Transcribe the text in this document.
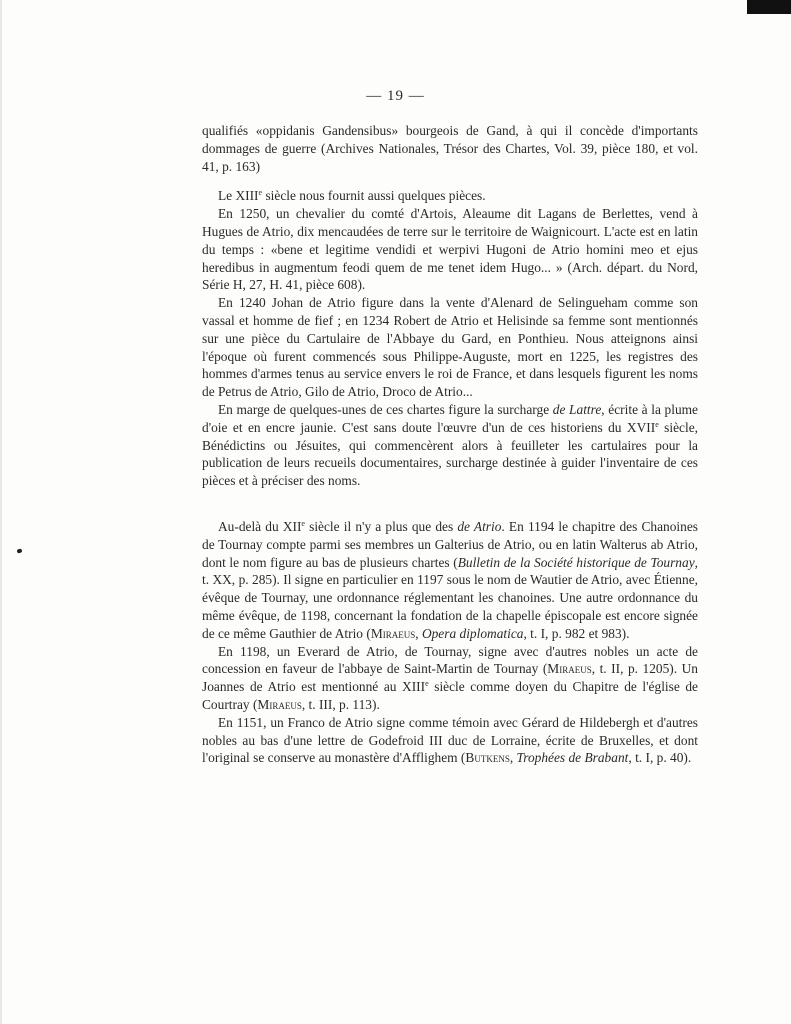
— 19 —

qualifiés «oppidanis Gandensibus» bourgeois de Gand, à qui il concède d'importants dommages de guerre (Archives Nationales, Trésor des Chartes, Vol. 39, pièce 180, et vol. 41, p. 163)

Le XIIIe siècle nous fournit aussi quelques pièces.

En 1250, un chevalier du comté d'Artois, Aleaume dit Lagans de Berlettes, vend à Hugues de Atrio, dix mencaudées de terre sur le territoire de Waignicourt. L'acte est en latin du temps : «bene et legitime vendidi et werpivi Hugoni de Atrio homini meo et ejus heredibus in augmentum feodi quem de me tenet idem Hugo... » (Arch. départ. du Nord, Série H, 27, H. 41, pièce 608).

En 1240 Johan de Atrio figure dans la vente d'Alenard de Selingueham comme son vassal et homme de fief ; en 1234 Robert de Atrio et Helisinde sa femme sont mentionnés sur une pièce du Cartulaire de l'Abbaye du Gard, en Ponthieu. Nous atteignons ainsi l'époque où furent commencés sous Philippe-Auguste, mort en 1225, les registres des hommes d'armes tenus au service envers le roi de France, et dans lesquels figurent les noms de Petrus de Atrio, Gilo de Atrio, Droco de Atrio...

En marge de quelques-unes de ces chartes figure la surcharge de Lattre, écrite à la plume d'oie et en encre jaunie. C'est sans doute l'œuvre d'un de ces historiens du XVIIe siècle, Bénédictins ou Jésuites, qui commencèrent alors à feuilleter les cartulaires pour la publication de leurs recueils documentaires, surcharge destinée à guider l'inventaire de ces pièces et à préciser des noms.

Au-delà du XIIe siècle il n'y a plus que des de Atrio. En 1194 le chapitre des Chanoines de Tournay compte parmi ses membres un Galterius de Atrio, ou en latin Walterus ab Atrio, dont le nom figure au bas de plusieurs chartes (Bulletin de la Société historique de Tournay, t. XX, p. 285). Il signe en particulier en 1197 sous le nom de Wautier de Atrio, avec Étienne, évêque de Tournay, une ordonnance réglementant les chanoines. Une autre ordonnance du même évêque, de 1198, concernant la fondation de la chapelle épiscopale est encore signée de ce même Gauthier de Atrio (Miraeus, Opera diplomatica, t. I, p. 982 et 983).

En 1198, un Everard de Atrio, de Tournay, signe avec d'autres nobles un acte de concession en faveur de l'abbaye de Saint-Martin de Tournay (Miraeus, t. II, p. 1205). Un Joannes de Atrio est mentionné au XIIIe siècle comme doyen du Chapitre de l'église de Courtray (Miraeus, t. III, p. 113).

En 1151, un Franco de Atrio signe comme témoin avec Gérard de Hildebergh et d'autres nobles au bas d'une lettre de Godefroid III duc de Lorraine, écrite de Bruxelles, et dont l'original se conserve au monastère d'Afflighem (Butkens, Trophées de Brabant, t. I, p. 40).
